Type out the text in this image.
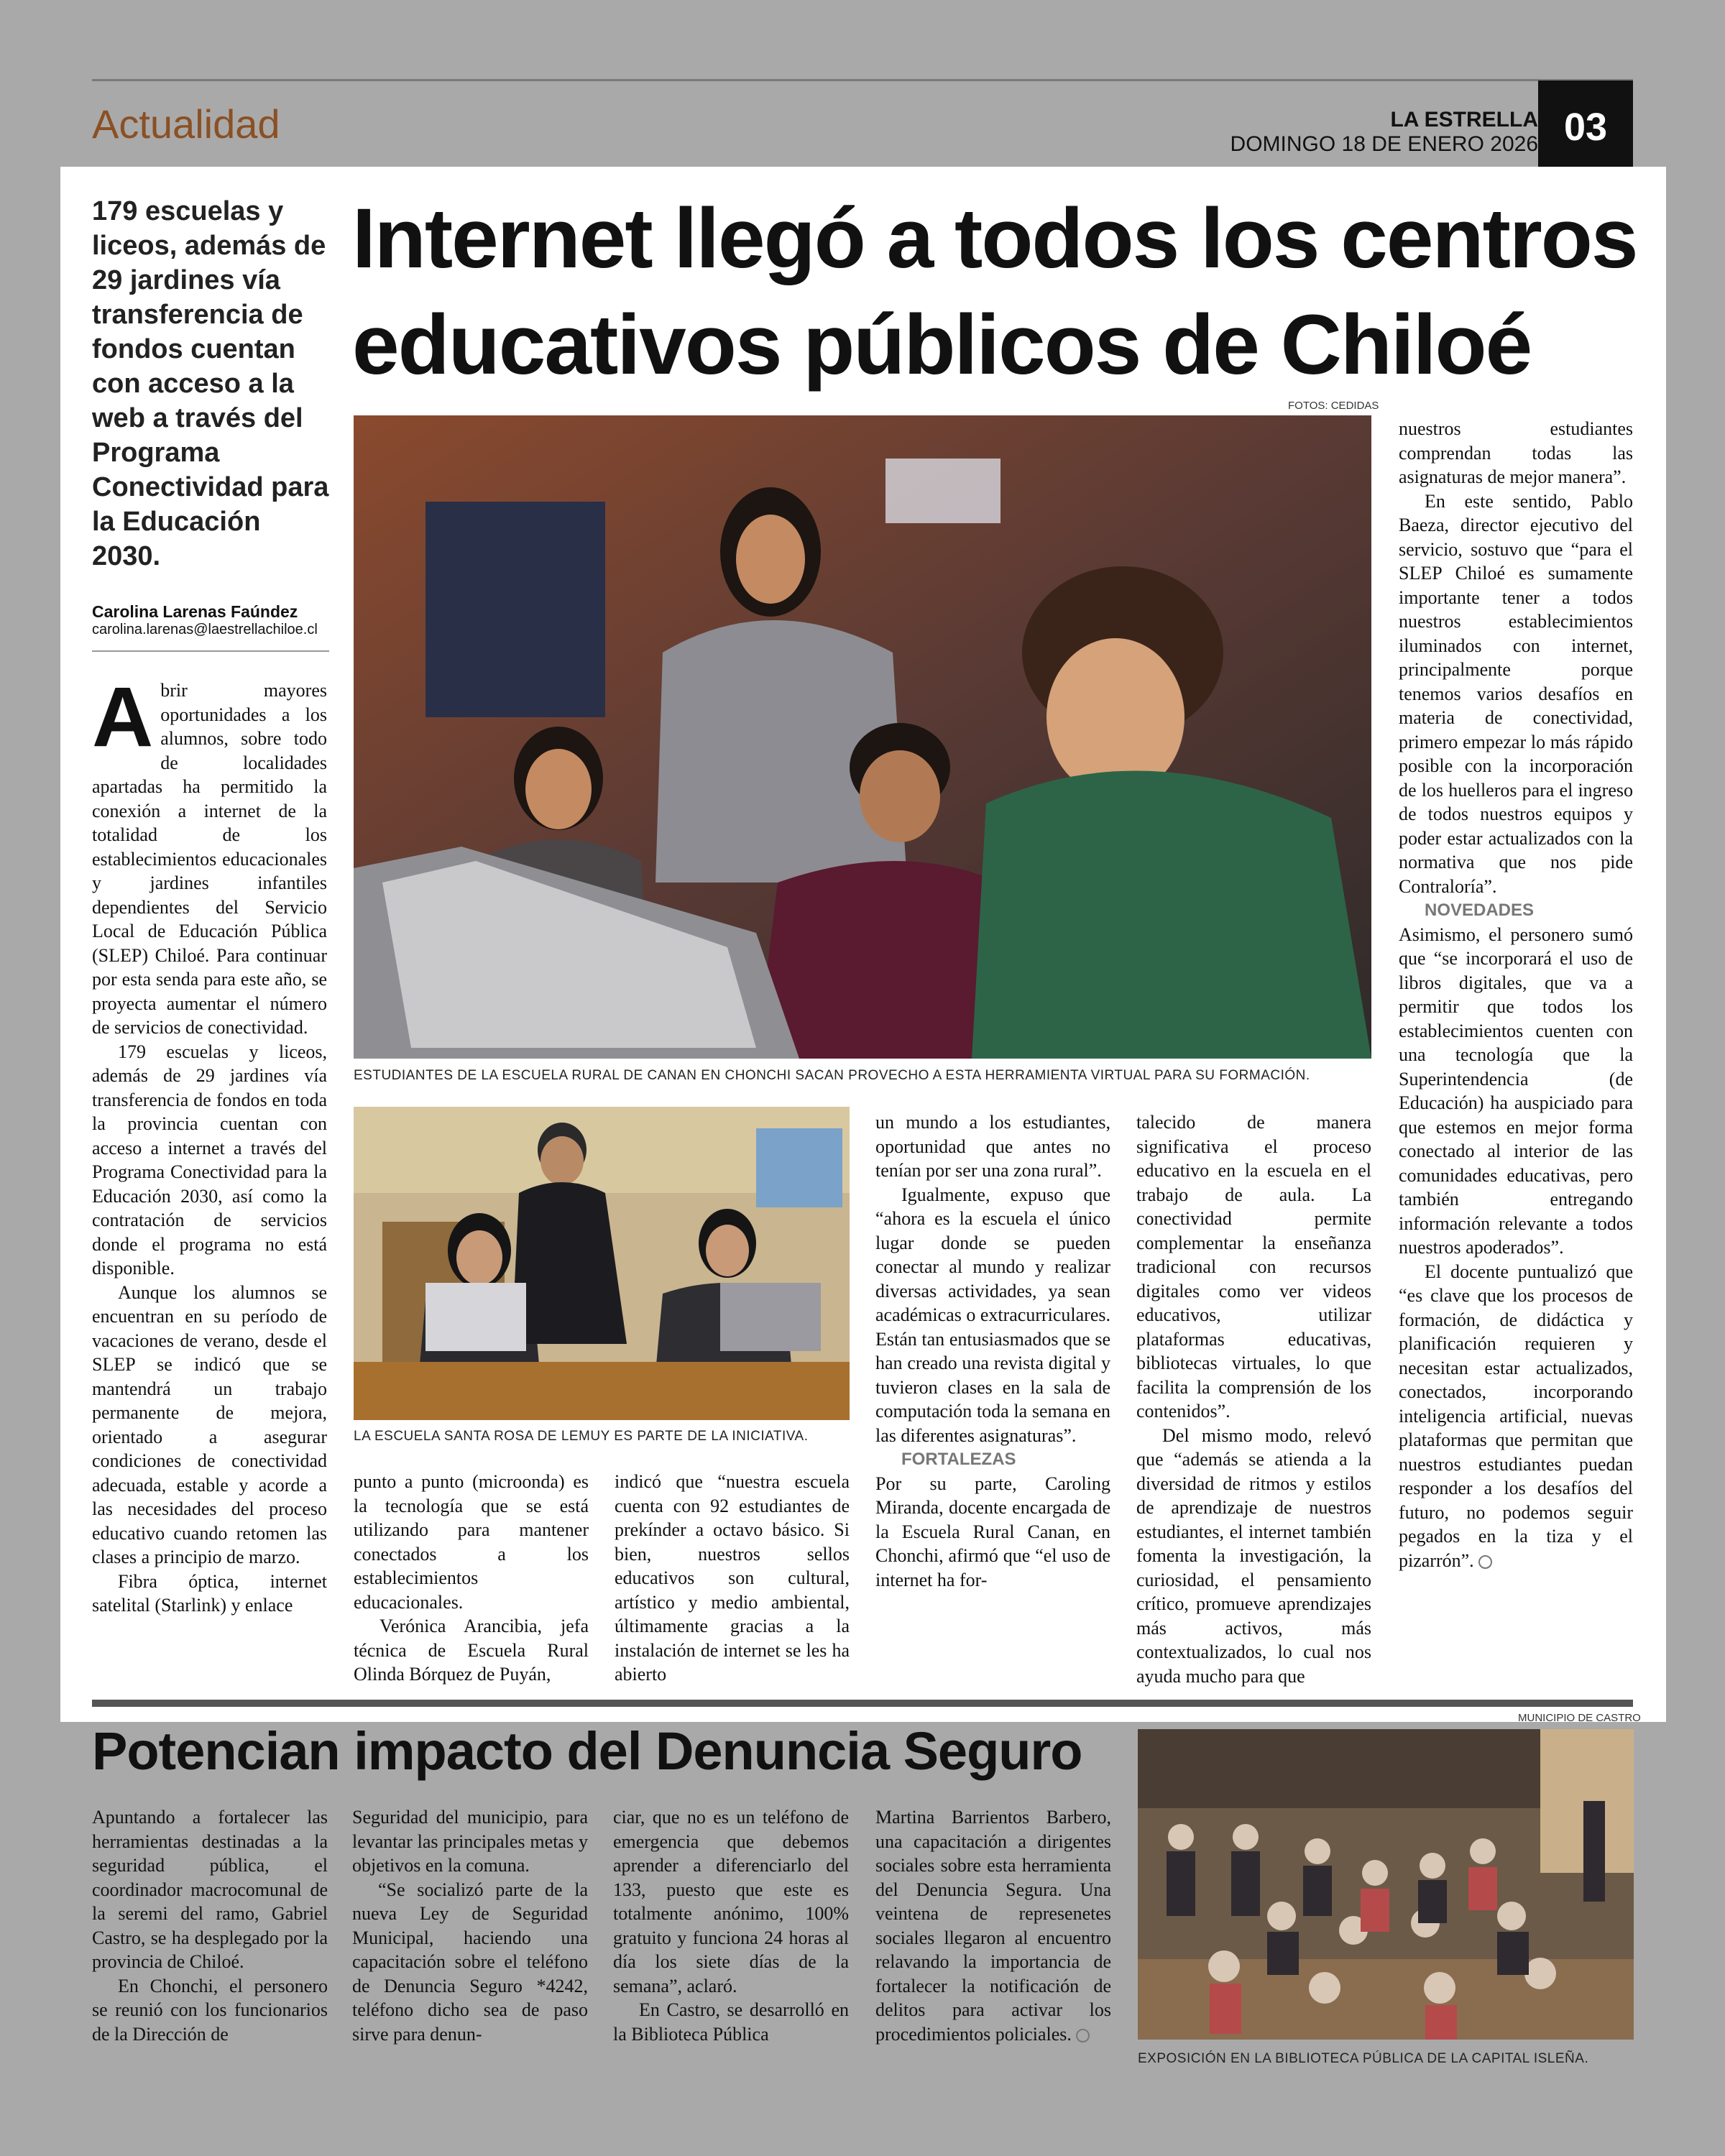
Actualidad	LA ESTRELLA
DOMINGO 18 DE ENERO 2026 03
179 escuelas y liceos, además de 29 jardines vía transferencia de fondos cuentan con acceso a la web a través del Programa Conectividad para la Educación 2030.
Internet llegó a todos los centros educativos públicos de Chiloé
Carolina Larenas Faúndez
carolina.larenas@laestrellachiloe.cl
FOTOS: CEDIDAS
ESTUDIANTES DE LA ESCUELA RURAL DE CANAN EN CHONCHI SACAN PROVECHO A ESTA HERRAMIENTA VIRTUAL PARA SU FORMACIÓN.
LA ESCUELA SANTA ROSA DE LEMUY ES PARTE DE LA INICIATIVA.

Abrir mayores oportunidades a los alumnos, sobre todo de localidades apartadas ha permitido la conexión a internet de la totalidad de los establecimientos educacionales y jardines infantiles dependientes del Servicio Local de Educación Pública (SLEP) Chiloé. Para continuar por esta senda para este año, se proyecta aumentar el número de servicios de conectividad.

179 escuelas y liceos, además de 29 jardines vía transferencia de fondos en toda la provincia cuentan con acceso a internet a través del Programa Conectividad para la Educación 2030, así como la contratación de servicios donde el programa no está disponible.

Aunque los alumnos se encuentran en su período de vacaciones de verano, desde el SLEP se indicó que se mantendrá un trabajo permanente de mejora, orientado a asegurar condiciones de conectividad adecuada, estable y acorde a las necesidades del proceso educativo cuando retomen las clases a principio de marzo.

Fibra óptica, internet satelital (Starlink) y enlace

punto a punto (microonda) es la tecnología que se está utilizando para mantener conectados a los establecimientos educacionales.

Verónica Arancibia, jefa técnica de Escuela Rural Olinda Bórquez de Puyán,

indicó que “nuestra escuela cuenta con 92 estudiantes de prekínder a octavo básico. Si bien, nuestros sellos educativos son cultural, artístico y medio ambiental, últimamente gracias a la instalación de internet se les ha abierto

un mundo a los estudiantes, oportunidad que antes no tenían por ser una zona rural”.

Igualmente, expuso que “ahora es la escuela el único lugar donde se pueden conectar al mundo y realizar diversas actividades, ya sean académicas o extracurriculares. Están tan entusiasmados que se han creado una revista digital y tuvieron clases en la sala de computación toda la semana en las diferentes asignaturas”.

FORTALEZAS

Por su parte, Caroling Miranda, docente encargada de la Escuela Rural Canan, en Chonchi, afirmó que “el uso de internet ha for-

talecido de manera significativa el proceso educativo en la escuela en el trabajo de aula. La conectividad permite complementar la enseñanza tradicional con recursos digitales como ver videos educativos, utilizar plataformas educativas, bibliotecas virtuales, lo que facilita la comprensión de los contenidos”.

Del mismo modo, relevó que “además se atienda a la diversidad de ritmos y estilos de aprendizaje de nuestros estudiantes, el internet también fomenta la investigación, la curiosidad, el pensamiento crítico, promueve aprendizajes más activos, más contextualizados, lo cual nos ayuda mucho para que

nuestros estudiantes comprendan todas las asignaturas de mejor manera”.

En este sentido, Pablo Baeza, director ejecutivo del servicio, sostuvo que “para el SLEP Chiloé es sumamente importante tener a todos nuestros establecimientos iluminados con internet, principalmente porque tenemos varios desafíos en materia de conectividad, primero empezar lo más rápido posible con la incorporación de los huelleros para el ingreso de todos nuestros equipos y poder estar actualizados con la normativa que nos pide Contraloría”.

NOVEDADES

Asimismo, el personero sumó que “se incorporará el uso de libros digitales, que va a permitir que todos los establecimientos cuenten con una tecnología que la Superintendencia (de Educación) ha auspiciado para que estemos en mejor forma conectado al interior de las comunidades educativas, pero también entregando información relevante a todos nuestros apoderados”.

El docente puntualizó que “es clave que los procesos de formación, de didáctica y planificación requieren y necesitan estar actualizados, conectados, incorporando inteligencia artificial, nuevas plataformas que permitan que nuestros estudiantes puedan responder a los desafíos del futuro, no podemos seguir pegados en la tiza y el pizarrón”.

Potencian impacto del Denuncia Seguro
MUNICIPIO DE CASTRO
EXPOSICIÓN EN LA BIBLIOTECA PÚBLICA DE LA CAPITAL ISLEÑA.

Apuntando a fortalecer las herramientas destinadas a la seguridad pública, el coordinador macrocomunal de la seremi del ramo, Gabriel Castro, se ha desplegado por la provincia de Chiloé.

En Chonchi, el personero se reunió con los funcionarios de la Dirección de

Seguridad del municipio, para levantar las principales metas y objetivos en la comuna.

“Se socializó parte de la nueva Ley de Seguridad Municipal, haciendo una capacitación sobre el teléfono de Denuncia Seguro *4242, teléfono dicho sea de paso sirve para denun-

ciar, que no es un teléfono de emergencia que debemos aprender a diferenciarlo del 133, puesto que este es totalmente anónimo, 100% gratuito y funciona 24 horas al día los siete días de la semana”, aclaró.

En Castro, se desarrolló en la Biblioteca Pública

Martina Barrientos Barbero, una capacitación a dirigentes sociales sobre esta herramienta del Denuncia Segura. Una veintena de represenetes sociales llegaron al encuentro relavando la importancia de fortalecer la notificación de delitos para activar los procedimientos policiales.
